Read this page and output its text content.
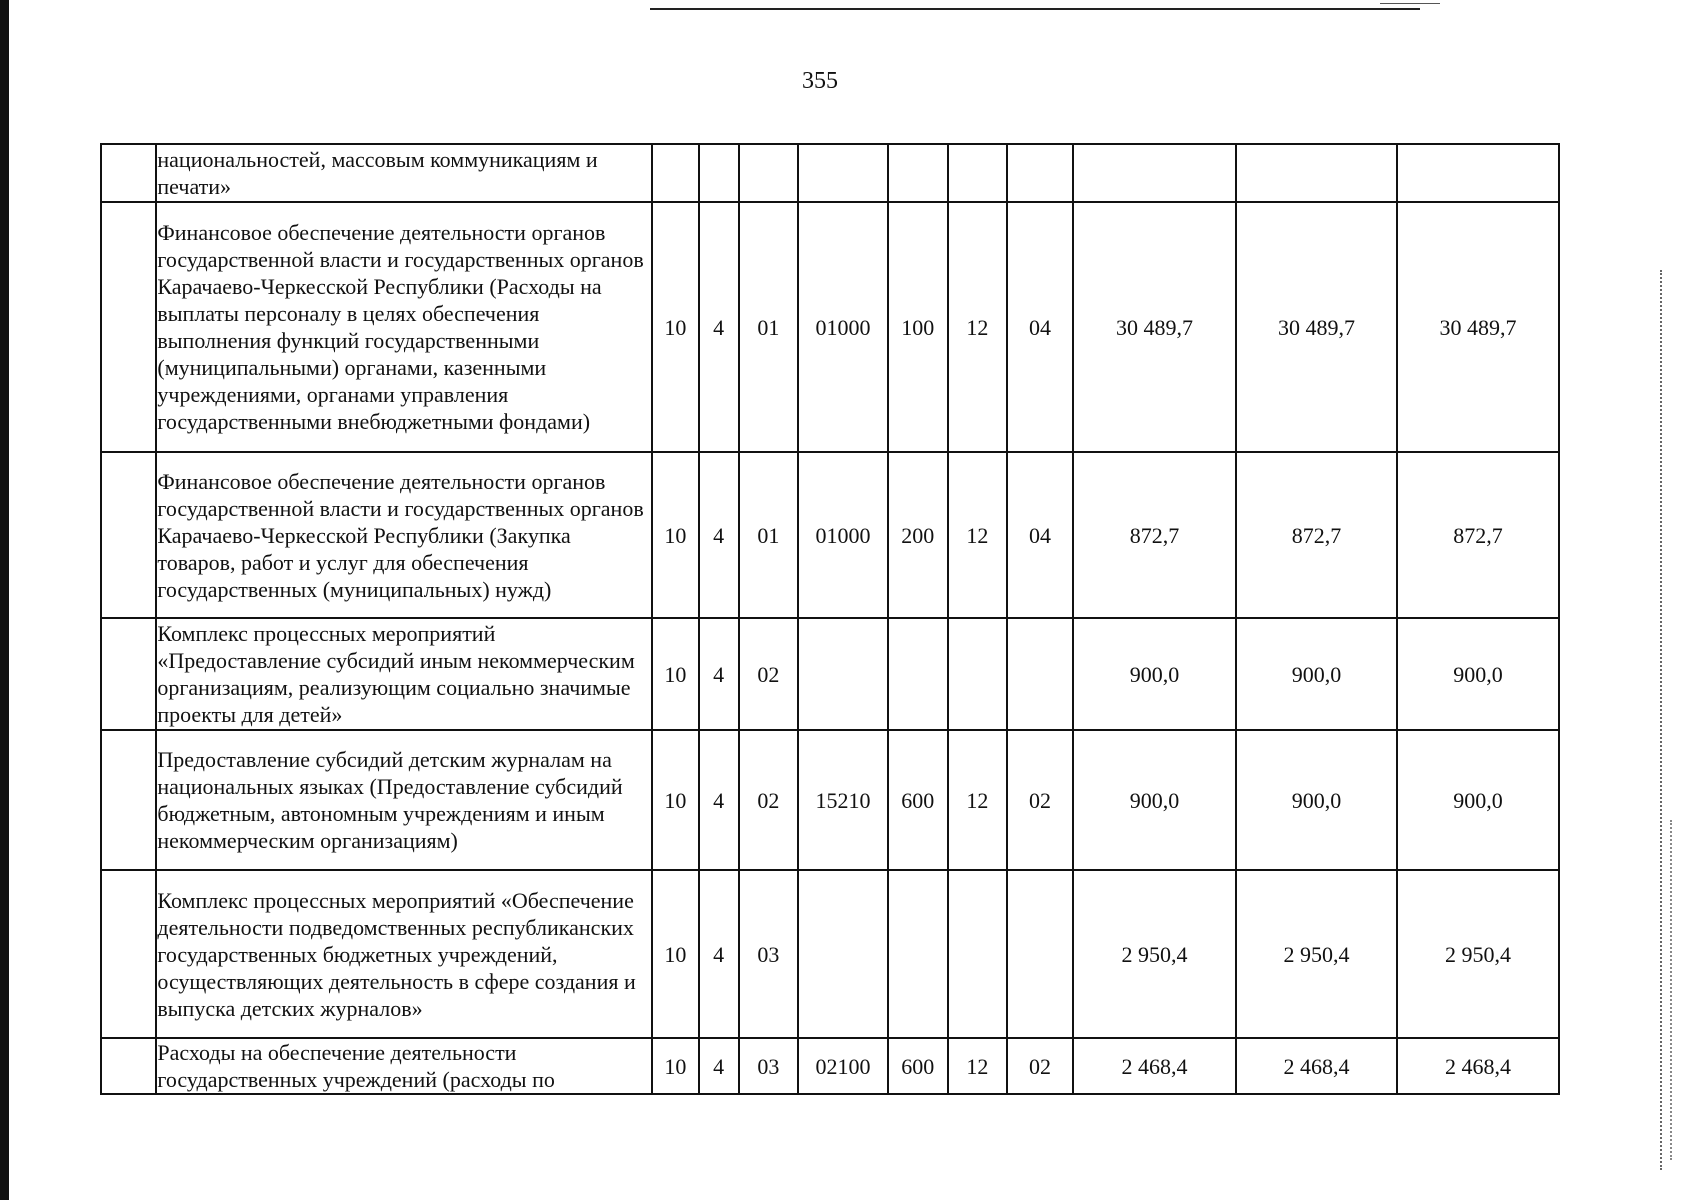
355
	национальностей, массовым коммуникациям и печати»										
	Финансовое обеспечение деятельности органов государственной власти и государственных органов Карачаево-Черкесской Республики (Расходы на выплаты персоналу в целях обеспечения выполнения функций государственными (муниципальными) органами, казенными учреждениями, органами управления государственными внебюджетными фондами)	10	4	01	01000	100	12	04	30 489,7	30 489,7	30 489,7
	Финансовое обеспечение деятельности органов государственной власти и государственных органов Карачаево-Черкесской Республики (Закупка товаров, работ и услуг для обеспечения государственных (муниципальных) нужд)	10	4	01	01000	200	12	04	872,7	872,7	872,7
	Комплекс процессных мероприятий «Предоставление субсидий иным некоммерческим организациям, реализующим социально значимые проекты для детей»	10	4	02					900,0	900,0	900,0
	Предоставление субсидий детским журналам на национальных языках (Предоставление субсидий бюджетным, автономным учреждениям и иным некоммерческим организациям)	10	4	02	15210	600	12	02	900,0	900,0	900,0
	Комплекс процессных мероприятий «Обеспечение деятельности подведомственных республиканских государственных бюджетных учреждений, осуществляющих деятельность в сфере создания и выпуска детских журналов»	10	4	03					2 950,4	2 950,4	2 950,4
	Расходы на обеспечение деятельности государственных учреждений (расходы по	10	4	03	02100	600	12	02	2 468,4	2 468,4	2 468,4
